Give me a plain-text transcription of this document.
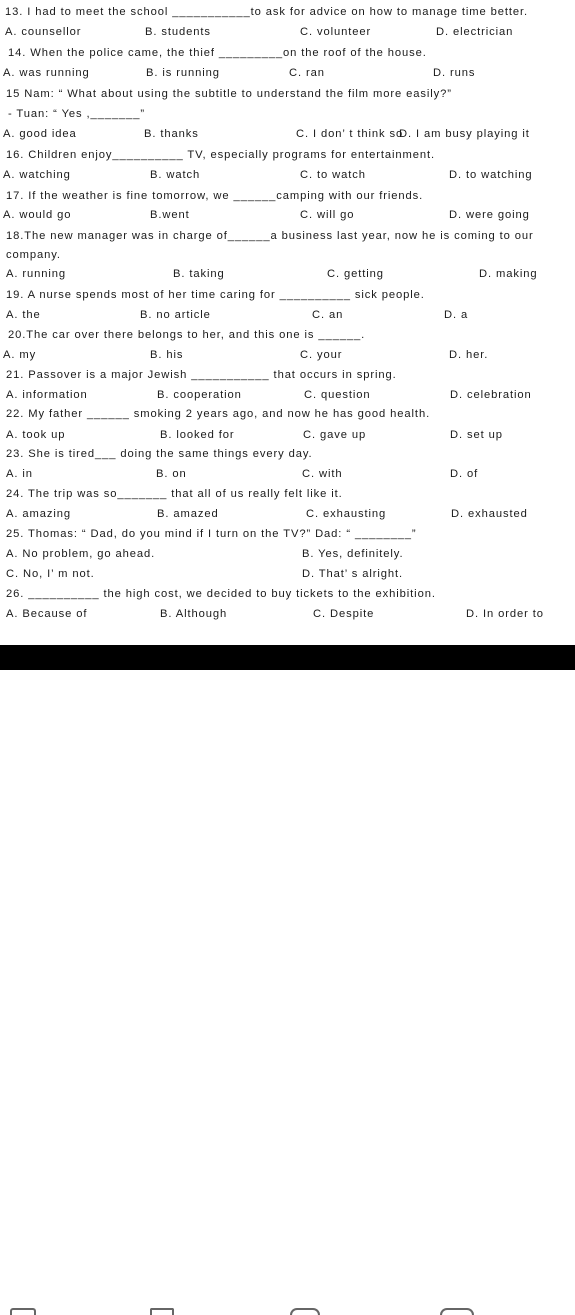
13. I had to meet the school ___________to ask for advice on how to manage time better.
A. counsellor	B. students	C. volunteer	D. electrician
14. When the police came, the thief _________on the roof of the house.
A. was running	B. is running	C. ran	D. runs
15 Nam: “ What about using the subtitle to understand the film more easily?”
- Tuan: “ Yes ,_______”
A. good idea	B. thanks	C. I don’ t think so
D. I am busy playing it
16. Children enjoy__________ TV, especially programs for entertainment.
A. watching	B. watch	C. to watch	D. to watching
17. If the weather is fine tomorrow, we ______camping with our friends.
A. would go	B.went	C. will go	D. were going
18.The new manager was in charge of______a business last year, now he is coming to our
company.
A. running	B. taking	C. getting	D. making
19. A nurse spends most of her time caring for __________ sick people.
A. the	B. no article	C. an	D. a
20.The car over there belongs to her, and this one is ______.
A. my	B. his	C. your	D. her.
21. Passover is a major Jewish ___________ that occurs in spring.
A. information	B. cooperation	C. question	D. celebration
22. My father ______ smoking 2 years ago, and now he has good health.
A. took up	B. looked for	C. gave up	D. set up
23. She is tired___ doing the same things every day.
A. in	B. on	C. with	D. of
24. The trip was so_______ that all of us really felt like it.
A. amazing	B. amazed	C. exhausting	D. exhausted
25. Thomas: “ Dad, do you mind if I turn on the TV?” Dad: “ ________”
A. No problem, go ahead.	B. Yes, definitely.
C. No, I’ m not.	D. That’ s alright.
26. __________ the high cost, we decided to buy tickets to the exhibition.
A. Because of	B. Although	C. Despite	D. In order to
